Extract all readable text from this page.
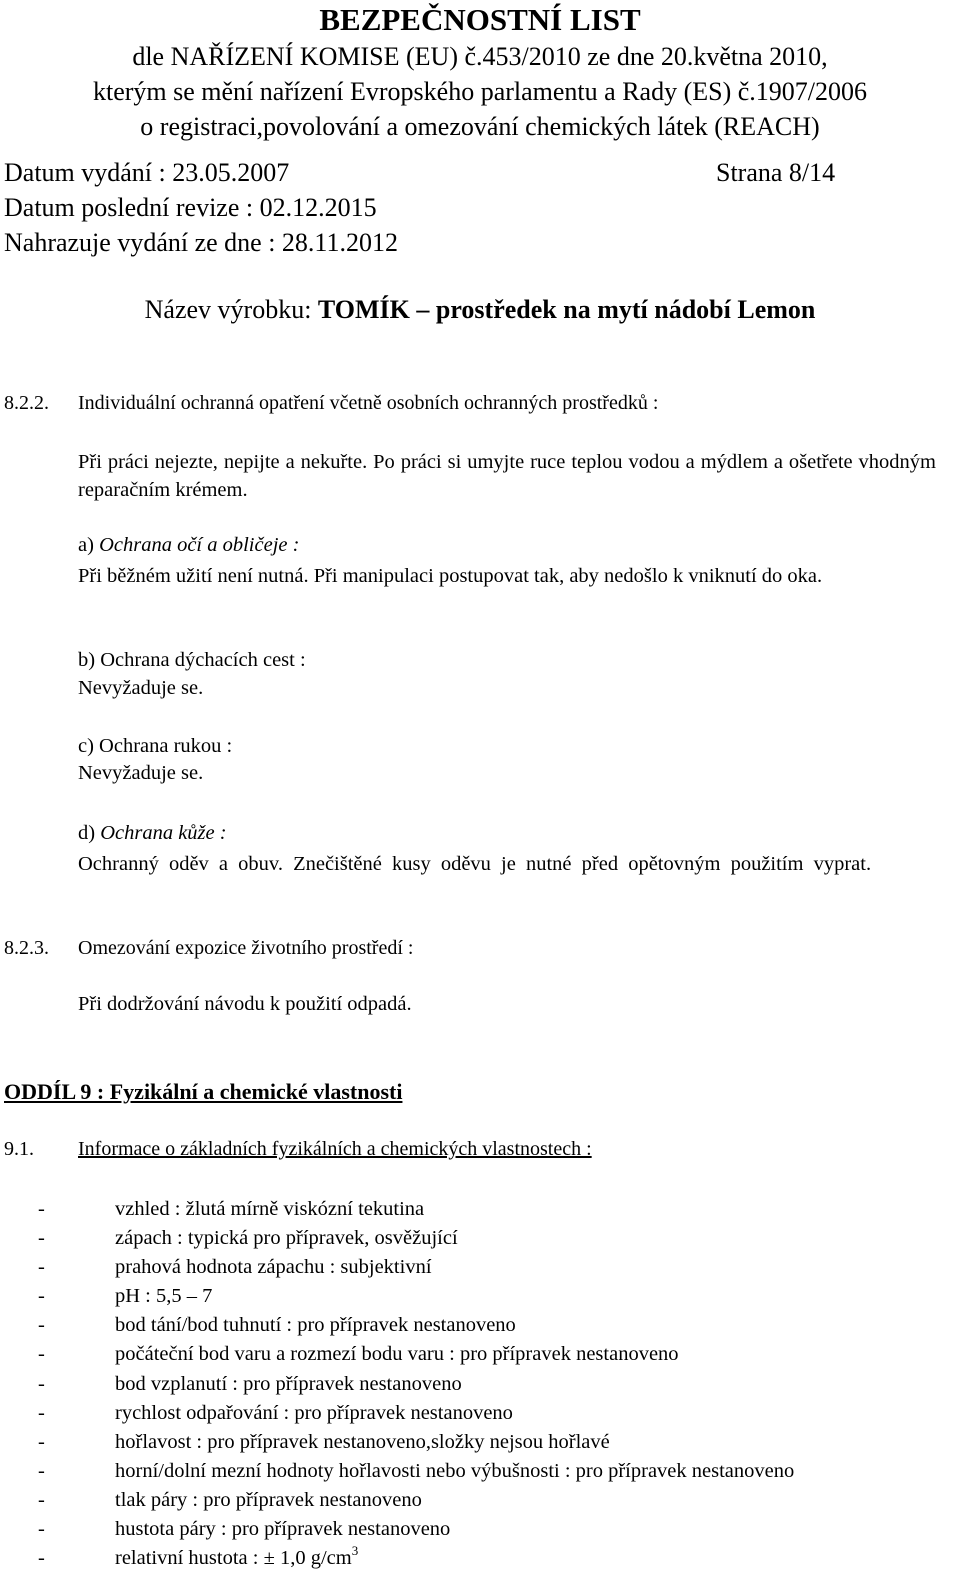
BEZPEČNOSTNÍ LIST
dle NAŘÍZENÍ KOMISE (EU) č.453/2010 ze dne 20.května 2010,
kterým se mění nařízení Evropského parlamentu a Rady (ES) č.1907/2006
o registraci,povolování a omezování chemických látek (REACH)
Datum vydání : 23.05.2007	Strana 8/14
Datum poslední revize : 02.12.2015
Nahrazuje vydání ze dne : 28.11.2012
Název výrobku: TOMÍK – prostředek na mytí nádobí Lemon
8.2.2. Individuální ochranná opatření včetně osobních ochranných prostředků :
Při práci nejezte, nepijte a nekuřte. Po práci si umyjte ruce teplou vodou a mýdlem a ošetřete vhodným reparačním krémem.
a) Ochrana očí a obličeje :
Při běžném užití není nutná. Při manipulaci postupovat tak, aby nedošlo k vniknutí do oka.
b) Ochrana dýchacích cest :
Nevyžaduje se.
c) Ochrana rukou :
Nevyžaduje se.
d) Ochrana kůže :
Ochranný oděv a obuv. Znečištěné kusy oděvu je nutné před opětovným použitím vyprat.
8.2.3. Omezování expozice životního prostředí :
Při dodržování návodu k použití odpadá.
ODDÍL 9 : Fyzikální a chemické vlastnosti
9.1. Informace o základních fyzikálních a chemických vlastnostech :
-	vzhled : žlutá mírně viskózní tekutina
-	zápach : typická pro přípravek, osvěžující
-	prahová hodnota zápachu : subjektivní
-	pH : 5,5 – 7
-	bod tání/bod tuhnutí : pro přípravek nestanoveno
-	počáteční bod varu a rozmezí bodu varu : pro přípravek nestanoveno
-	bod vzplanutí : pro přípravek nestanoveno
-	rychlost odpařování : pro přípravek nestanoveno
-	hořlavost : pro přípravek nestanoveno,složky nejsou hořlavé
-	horní/dolní mezní hodnoty hořlavosti nebo výbušnosti : pro přípravek nestanoveno
-	tlak páry : pro přípravek nestanoveno
-	hustota páry : pro přípravek nestanoveno
-	relativní hustota : ± 1,0 $g/cm^3$
